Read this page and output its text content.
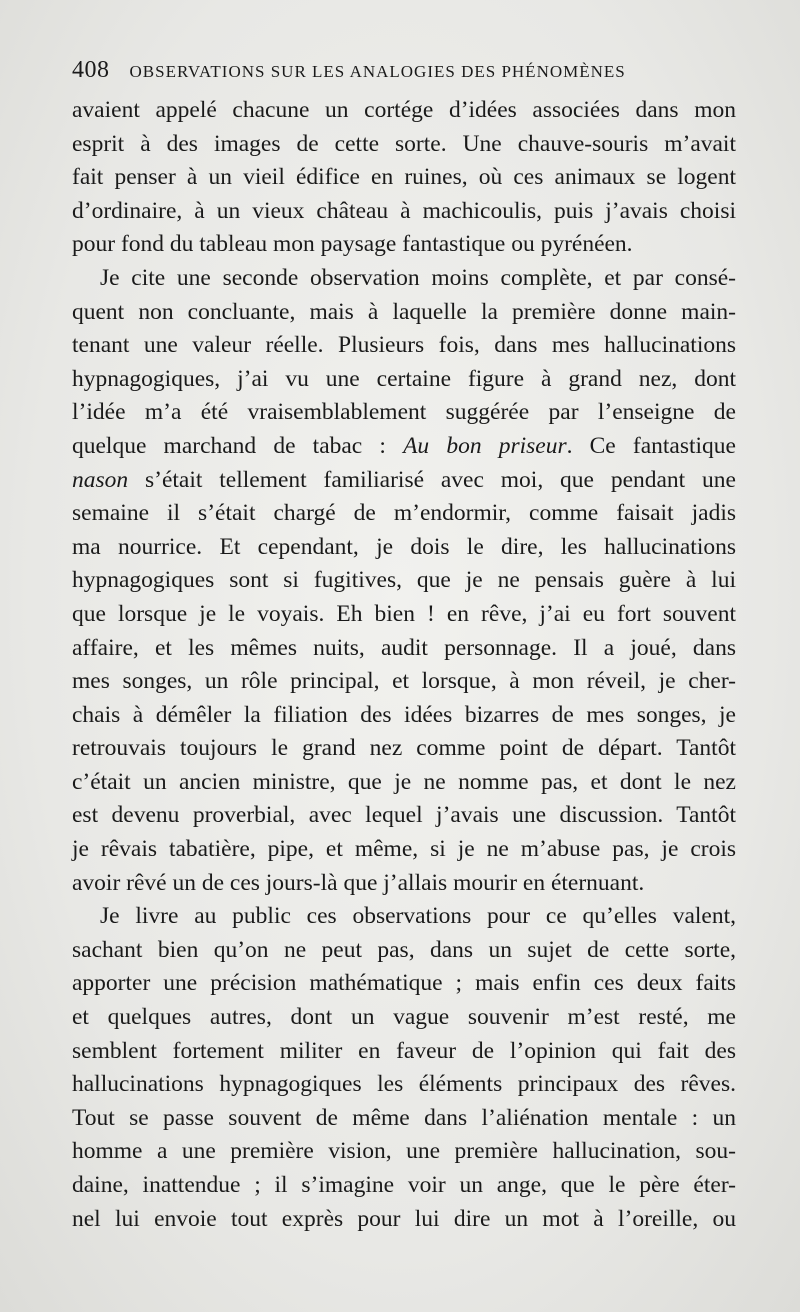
408 OBSERVATIONS SUR LES ANALOGIES DES PHÉNOMÈNES
avaient appelé chacune un cortége d’idées associées dans mon
esprit à des images de cette sorte. Une chauve-souris m’avait
fait penser à un vieil édifice en ruines, où ces animaux se logent
d’ordinaire, à un vieux château à machicoulis, puis j’avais choisi
pour fond du tableau mon paysage fantastique ou pyrénéen.
Je cite une seconde observation moins complète, et par consé-
quent non concluante, mais à laquelle la première donne main-
tenant une valeur réelle. Plusieurs fois, dans mes hallucinations
hypnagogiques, j’ai vu une certaine figure à grand nez, dont
l’idée m’a été vraisemblablement suggérée par l’enseigne de
quelque marchand de tabac : Au bon priseur. Ce fantastique
nason s’était tellement familiarisé avec moi, que pendant une
semaine il s’était chargé de m’endormir, comme faisait jadis
ma nourrice. Et cependant, je dois le dire, les hallucinations
hypnagogiques sont si fugitives, que je ne pensais guère à lui
que lorsque je le voyais. Eh bien ! en rêve, j’ai eu fort souvent
affaire, et les mêmes nuits, audit personnage. Il a joué, dans
mes songes, un rôle principal, et lorsque, à mon réveil, je cher-
chais à démêler la filiation des idées bizarres de mes songes, je
retrouvais toujours le grand nez comme point de départ. Tantôt
c’était un ancien ministre, que je ne nomme pas, et dont le nez
est devenu proverbial, avec lequel j’avais une discussion. Tantôt
je rêvais tabatière, pipe, et même, si je ne m’abuse pas, je crois
avoir rêvé un de ces jours-là que j’allais mourir en éternuant.
Je livre au public ces observations pour ce qu’elles valent,
sachant bien qu’on ne peut pas, dans un sujet de cette sorte,
apporter une précision mathématique ; mais enfin ces deux faits
et quelques autres, dont un vague souvenir m’est resté, me
semblent fortement militer en faveur de l’opinion qui fait des
hallucinations hypnagogiques les éléments principaux des rêves.
Tout se passe souvent de même dans l’aliénation mentale : un
homme a une première vision, une première hallucination, sou-
daine, inattendue ; il s’imagine voir un ange, que le père éter-
nel lui envoie tout exprès pour lui dire un mot à l’oreille, ou
